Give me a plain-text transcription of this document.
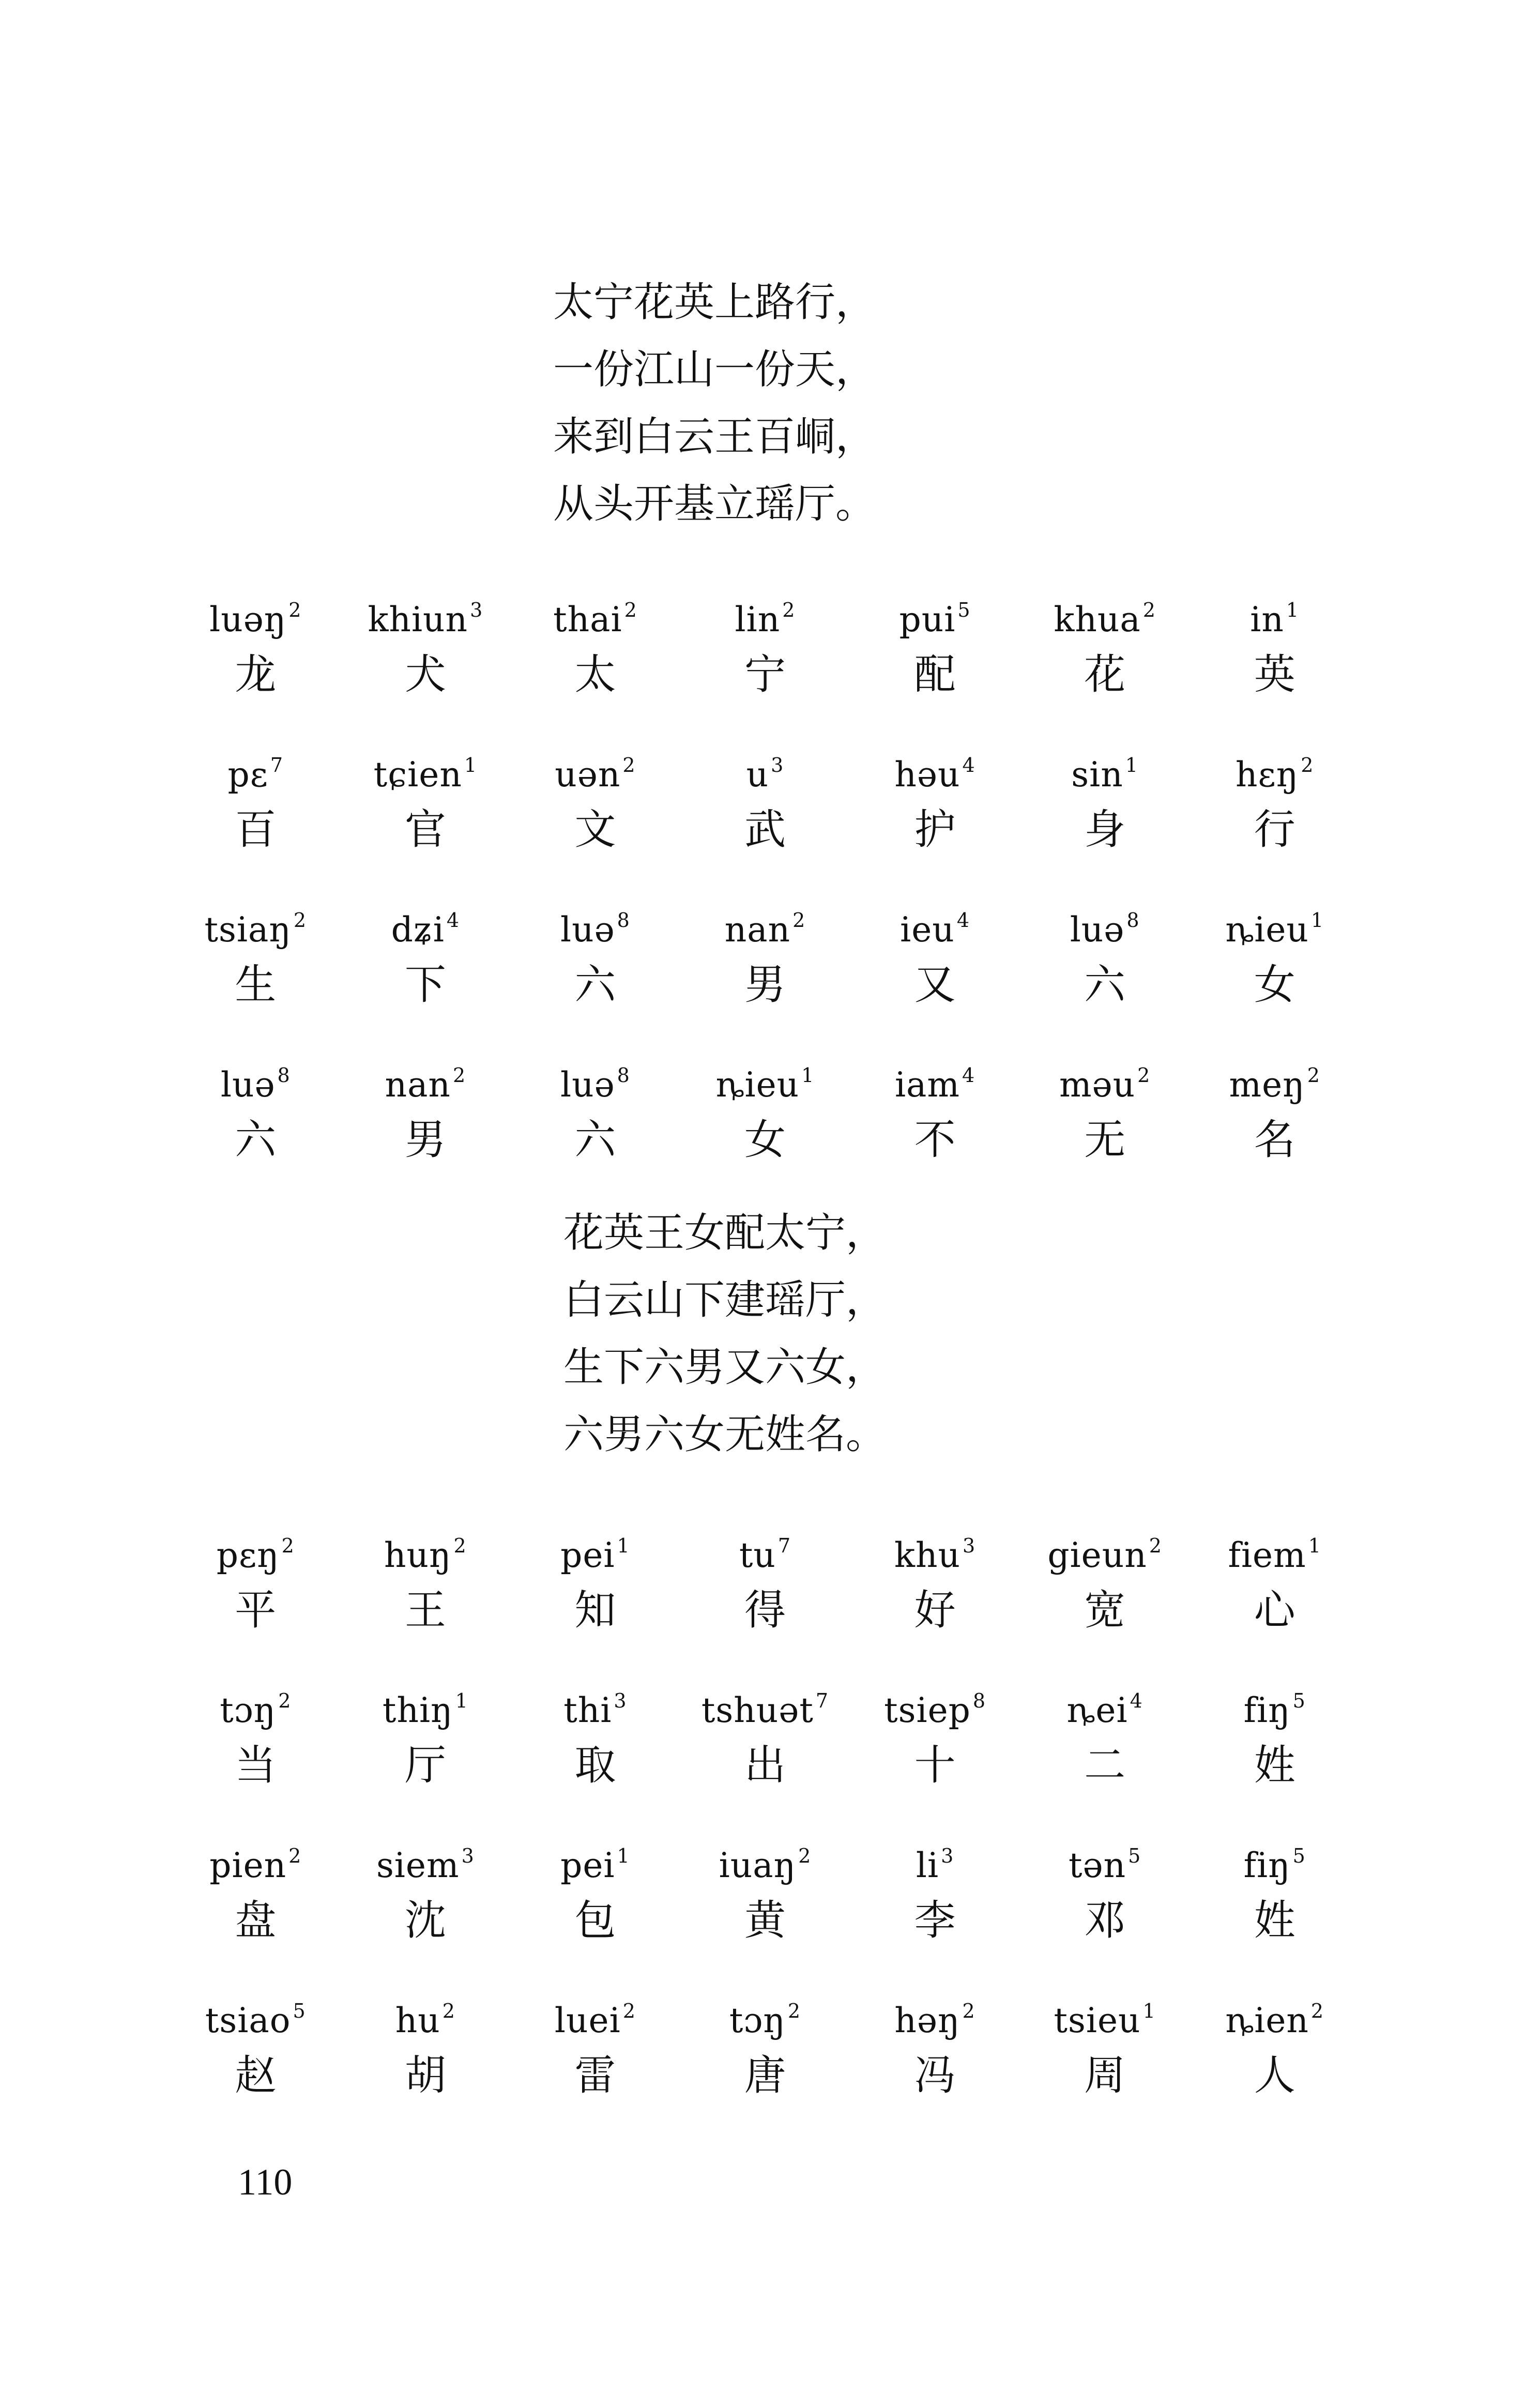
太宁花英上路行，
一份江山一份天，
来到白云王百峒，
从头开基立瑶厅。
luəŋ $^2$
龙
khiun $^3$
犬
thai $^2$
太
lin $^2$
宁
pui $^5$
配
khua $^2$
花
in $^1$
英
pɛ $^7$
百
tɕien $^1$
官
uən $^2$
文
u $^3$
武
həu $^4$
护
sin $^1$
身
hɛŋ $^2$
行
tsiaŋ $^2$
生
dʑi $^4$
下
luə $^8$
六
nan $^2$
男
ieu $^4$
又
luə $^8$
六
ȵieu $^1$
女
luə $^8$
六
nan $^2$
男
luə $^8$
六
ȵieu $^1$
女
iam $^4$
不
məu $^2$
无
meŋ $^2$
名
花英王女配太宁，
白云山下建瑶厅，
生下六男又六女，
六男六女无姓名。
pɛŋ $^2$
平
huŋ $^2$
王
pei $^1$
知
tu $^7$
得
khu $^3$
好
gieun $^2$
宽
fiem $^1$
心
tɔŋ $^2$
当
thiŋ $^1$
厅
thi $^3$
取
tshuət $^7$
出
tsiep $^8$
十
ȵei $^4$
二
fiŋ $^5$
姓
pien $^2$
盘
siem $^3$
沈
pei $^1$
包
iuaŋ $^2$
黄
li $^3$
李
tən $^5$
邓
fiŋ $^5$
姓
tsiao $^5$
赵
hu $^2$
胡
luei $^2$
雷
tɔŋ $^2$
唐
həŋ $^2$
冯
tsieu $^1$
周
ȵien $^2$
人
110
